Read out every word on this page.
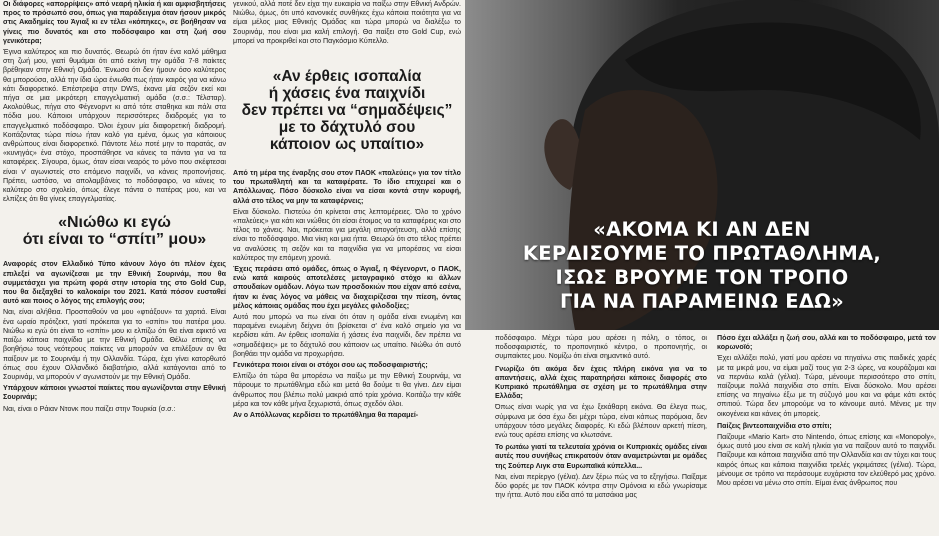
Οι διάφορες «απορρίψεις» από νεαρή ηλικία ή και αμφισβητήσεις προς το πρόσωπό σου, όπως για παράδειγμα όταν ήσουν μικρός στις Ακαδημίες του Άγιαξ κι εν τέλει «κόπηκες», σε βοήθησαν να γίνεις πιο δυνατός και στο ποδόσφαιρο και στη ζωή σου γενικότερα;

Έγινα καλύτερος και πιο δυνατός. Θεωρώ ότι ήταν ένα καλό μάθημα στη ζωή μου, γιατί θυμάμαι ότι από εκείνη την ομάδα 7-8 παίκτες βρέθηκαν στην Εθνική Ομάδα. Ένιωσα ότι δεν ήμουν όσο καλύτερος θα μπορούσα, αλλά την ίδια ώρα ένιωθα πως ήταν καιρός για να κάνω κάτι διαφορετικό. Επέστρεψα στην DWS, έκανα μία σεζόν εκεί και πήγα σε μια μικρότερη επαγγελματική ομάδα (σ.σ.: Τέλσταρ). Ακολούθως, πήγα στο Φέγενορντ κι από τότε σταθηκα και πάλι στα πόδια μου. Κάποιοι υπάρχουν περισσότερες διαδρομές για το επαγγελματικό ποδόσφαιρο. Όλοι έχουν μία διαφορετική διαδρομή. Κοιτάζοντας τώρα πίσω ήταν καλό για εμένα, όμως για κάποιους ανθρώπους είναι διαφορετικό. Πάντοτε λέω ποτέ μην το παρατάς, αν «κυνηγάς» ένα στόχο, προσπάθησε να κάνεις τα πάντα για να τα καταφέρεις. Σίγουρα, όμως, όταν είσαι νεαρός το μόνο που σκέφτεσαι είναι ν' αγωνιστείς στο επόμενο παιχνίδι, να κάνεις προπονήσεις. Πρέπει, ωστόσο, να απολαμβάνεις το ποδόσφαιρο, να κάνεις το καλύτερο στο σχολείο, όπως έλεγε πάντα ο πατέρας μου, και να ελπίζεις ότι θα γίνεις επαγγελματίας.

«Νιώθω κι εγώ
ότι είναι το “σπίτι” μου»

Αναφορές στον Ελλαδικό Τύπο κάνουν λόγο ότι πλέον έχεις επιλεξεί να αγωνίζεσαι με την Εθνική Σουρινάμ, που θα συμμετάσχει για πρώτη φορά στην ιστορία της στο Gold Cup, που θα διεξαχθεί το καλοκαίρι του 2021. Κατά πόσον ευσταθεί αυτό και ποιος ο λόγος της επιλογής σου;

Ναι, είναι αλήθεια. Προσπαθούν να μου «φτιάξουν» τα χαρτιά. Είναι ένα ωραίο πρότζεκτ, γιατί πρόκειται για το «σπίτι» του πατέρα μου. Νιώθω κι εγώ ότι είναι το «σπίτι» μου κι ελπίζω ότι θα είναι εφικτό να παίζω κάποια παιχνίδια με την Εθνική Ομάδα. Θέλω επίσης να βοηθήσω τους νεότερους παίκτες να μπορούν να επιλέξουν αν θα παίξουν με το Σουρινάμ ή την Ολλανδία. Τώρα, έχει γίνει κατορθωτό όπως σου έχουν Ολλανδικό διαβατήριο, αλλά κατάγονται από το Σουρινάμ, να μπορούν ν' αγωνιστούν με την Εθνική Ομάδα.

Υπάρχουν κάποιοι γνωστοί παίκτες που αγωνίζονται στην Εθνική Σουρινάμ;

Ναι, είναι ο Ράιαν Ντονκ που παίζει στην Τουρκία (σ.σ.:

γενικού, αλλά ποτέ δεν είχα την ευκαιρία να παίξω στην Εθνική Ανδρών. Νιώθω, όμως, ότι υπό κανονικές συνθήκες έχω κάποια ποιότητα για να είμαι μέλος μιας Εθνικής Ομάδας και τώρα μπορώ να διαλέξω το Σουρινάμ, που είναι μια καλή επιλογή. Θα παίξει στο Gold Cup, ενώ μπορεί να προκριθεί και στο Παγκόσμιο Κύπελλο.

«Αν έρθεις ισοπαλία
ή χάσεις ένα παιχνίδι
δεν πρέπει να “σημαδέψεις”
με το δάχτυλό σου
κάποιον ως υπαίτιο»

Από τη μέρα της έναρξης σου στον ΠΑΟΚ «παλεύεις» για τον τίτλο του πρωταθλητή και τα καταφέρατε. Το ίδιο επιχειρεί και ο Απόλλωνας. Πόσο δύσκολο είναι να είσαι κοντά στην κορυφή, αλλά στο τέλος να μην τα καταφέρνεις;

Είναι δύσκολο. Πιστεύω ότι κρίνεται στις λεπτομέρειες. Όλο το χρόνο «παλεύεις» για κάτι και νιώθεις ότι είσαι έτοιμος να τα καταφέρεις και στο τέλος το χάνεις. Ναι, πρόκειται για μεγάλη απογοήτευση, αλλά επίσης είναι το ποδόσφαιρο. Μια νίκη και μια ήττα. Θεωρώ ότι στο τέλος πρέπει να αναλύσεις τη σεζόν και τα παιχνίδια για να μπορέσεις να είσαι καλύτερος την επόμενη χρονιά.

Έχεις περάσει από ομάδες, όπως ο Άγιαξ, η Φέγενορντ, ο ΠΑΟΚ, ενώ κατά καιρούς αποτελέσες μεταγραφικό στόχο κι άλλων σπουδαίων ομάδων. Λόγω των προσδοκιών που είχαν από εσένα, ήταν κι ένας λόγος να μάθεις να διαχειρίζεσαι την πίεση, όντας μέλος κάποιας ομάδας που έχει μεγάλες φιλοδοξίες;

Αυτό που μπορώ να πω είναι ότι όταν η ομάδα είναι ενωμένη και παραμένει ενωμένη δείχνει ότι βρίσκεται σ' ένα καλό σημείο για να κερδίσει κάτι. Αν έρθεις ισοπαλία ή χάσεις ένα παιχνίδι, δεν πρέπει να «σημαδέψεις» με το δάχτυλό σου κάποιον ως υπαίτιο. Νιώθω ότι αυτό βοηθάει την ομάδα να προχωρήσει.

Γενικότερα ποιοι είναι οι στόχοι σου ως ποδοσφαιριστής;

Ελπίζω ότι τώρα θα μπορέσω να παίξω με την Εθνική Σουρινάμ, να πάρουμε το πρωτάθλημα εδώ και μετά θα δούμε τι θα γίνει. Δεν είμαι άνθρωπος που βλέπω πολύ μακριά από τρία χρόνια. Κοιτάζω την κάθε μέρα και τον κάθε μήνα ξεχωριστά, όπως σχεδόν όλοι.

Αν ο Απόλλωνας κερδίσει το πρωτάθλημα θα παραμεί-

«ΑΚΟΜΑ ΚΙ ΑΝ ΔΕΝ
ΚΕΡΔΙΣΟΥΜΕ ΤΟ ΠΡΩΤΑΘΛΗΜΑ,
ΙΣΩΣ ΒΡΟΥΜΕ ΤΟΝ ΤΡΟΠΟ
ΓΙΑ ΝΑ ΠΑΡΑΜΕΙΝΩ ΕΔΩ»

ποδόσφαιρο. Μέχρι τώρα μου αρέσει η πόλη, ο τόπος, οι ποδοσφαιριστές, το προπονητικό κέντρο, ο προπονητής, οι συμπαίκτες μου. Νομίζω ότι είναι σημαντικό αυτό.

Γνωρίζω ότι ακόμα δεν έχεις πλήρη εικόνα για να το απαντήσεις, αλλά έχεις παρατηρήσει κάποιες διαφορές στο Κυπριακό πρωτάθλημα σε σχέση με το πρωτάθλημα στην Ελλάδα;

Όπως είναι νωρίς για να έχω ξεκάθαρη εικόνα. Θα έλεγα πως, σύμφωνα με όσα έχω δει μέχρι τώρα, είναι κάπως παρόμοια, δεν υπάρχουν τόσο μεγάλες διαφορές. Κι εδώ βλέπουν αρκετή πίεση, ενώ τους αρέσει επίσης να κλωτσάνε.

Το ρωτάω γιατί τα τελευταία χρόνια οι Κυπριακές ομάδες είναι αυτές που συνήθως επικρατούν όταν αναμετρώνται με ομάδες της Σούπερ Λιγκ στα Ευρωπαϊκά κύπελλα...

Ναι, είναι περίεργο (γέλια). Δεν ξέρω πώς να το εξηγήσω. Παίξαμε δύο φορές με τον ΠΑΟΚ κόντρα στην Ομόνοια κι εδώ γνωρίσαμε την ήττα. Αυτό που είδα από τα ματσάκια μας

Πόσο έχει αλλάξει η ζωή σου, αλλά και το ποδόσφαιρο, μετά τον κορωνοϊό;

Έχει αλλάξει πολύ, γιατί μου αρέσει να πηγαίνω στις παιδικές χαρές με τα μικρά μου, να είμαι μαζί τους για 2-3 ώρες, να κουράζομαι και να περνάω καλά (γέλια). Τώρα, μένουμε περισσότερο στο σπίτι, παίζουμε πολλά παιχνίδια στο σπίτι. Είναι δύσκολο. Μου αρέσει επίσης να πηγαίνω έξω με τη σύζυγό μου και να φάμε κάτι εκτός σπιτιού. Τώρα δεν μπορούμε να το κάνουμε αυτό. Μένεις με την οικογένεια και κάνεις ότι μπορείς.

Παίζεις βιντεοπαιχνίδια στο σπίτι;

Παίζουμε «Mario Kart» στο Nintendo, όπως επίσης και «Monopoly», όμως αυτό μου είναι σε καλή ηλικία για να παίξουν αυτό το παιχνίδι. Παίζουμε και κάποια παιχνίδια από την Ολλανδία και αν τύχει και τους καιρός όπως και κάποια παιχνίδια τρελές γκριμάτσες (γέλια). Τώρα, μένουμε σε τρόπο να περάσουμε ευχάριστα τον ελεύθερό μας χρόνο. Μου αρέσει να μένω στο σπίτι. Είμαι ένας άνθρωπος που
